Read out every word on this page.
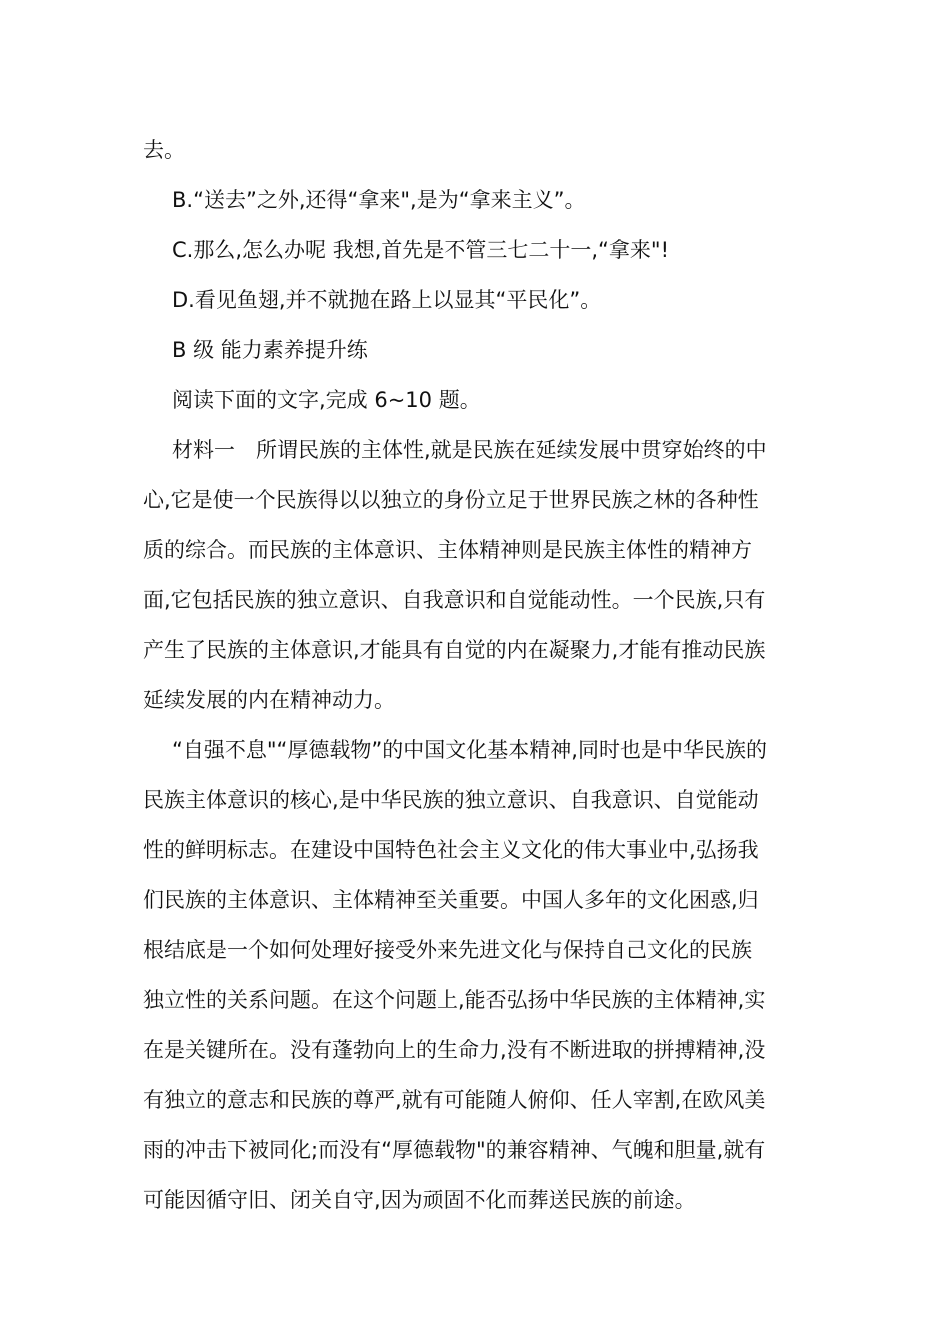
去。

B.“送去”之外,还得“拿来",是为“拿来主义”。

C.那么,怎么办呢 我想,首先是不管三七二十一,“拿来"!

D.看见鱼翅,并不就抛在路上以显其“平民化”。

B 级 能力素养提升练

阅读下面的文字,完成 6~10 题。

材料一　所谓民族的主体性,就是民族在延续发展中贯穿始终的中

心,它是使一个民族得以以独立的身份立足于世界民族之林的各种性

质的综合。而民族的主体意识、主体精神则是民族主体性的精神方

面,它包括民族的独立意识、自我意识和自觉能动性。一个民族,只有

产生了民族的主体意识,才能具有自觉的内在凝聚力,才能有推动民族

延续发展的内在精神动力。

“自强不息"“厚德载物”的中国文化基本精神,同时也是中华民族的

民族主体意识的核心,是中华民族的独立意识、自我意识、自觉能动

性的鲜明标志。在建设中国特色社会主义文化的伟大事业中,弘扬我

们民族的主体意识、主体精神至关重要。中国人多年的文化困惑,归

根结底是一个如何处理好接受外来先进文化与保持自己文化的民族

独立性的关系问题。在这个问题上,能否弘扬中华民族的主体精神,实

在是关键所在。没有蓬勃向上的生命力,没有不断进取的拼搏精神,没

有独立的意志和民族的尊严,就有可能随人俯仰、任人宰割,在欧风美

雨的冲击下被同化;而没有“厚德载物"的兼容精神、气魄和胆量,就有

可能因循守旧、闭关自守,因为顽固不化而葬送民族的前途。
